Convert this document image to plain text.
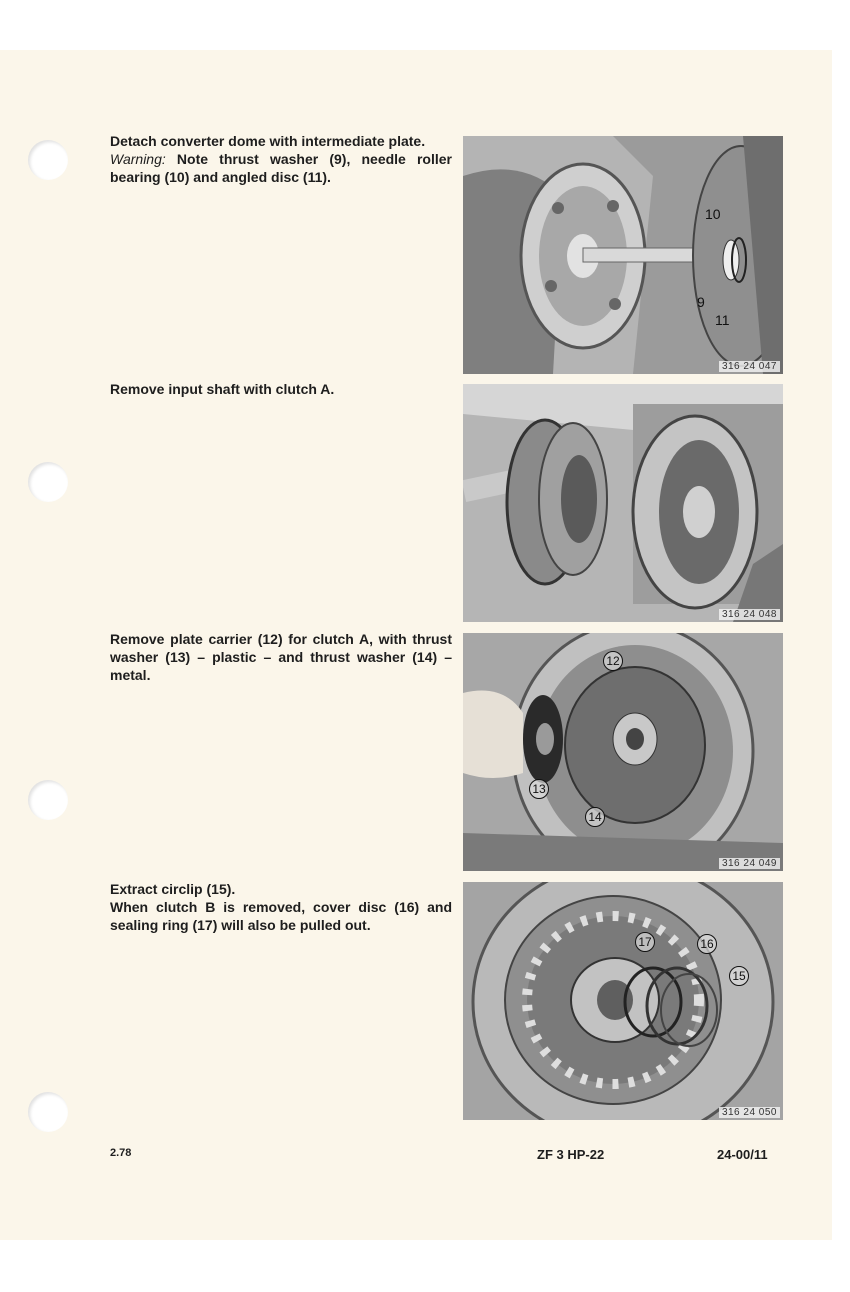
Detach converter dome with intermediate plate.

Warning: Note thrust washer (9), needle roller bearing (10) and angled disc (11).

10
9
11
316 24 047

Remove input shaft with clutch A.

316 24 048

Remove plate carrier (12) for clutch A, with thrust washer (13) – plastic – and thrust washer (14) – metal.

12
13
14
316 24 049

Extract circlip (15).

When clutch B is removed, cover disc (16) and sealing ring (17) will also be pulled out.

17	16
15
316 24 050
2.78	ZF 3 HP-22	24-00/11
